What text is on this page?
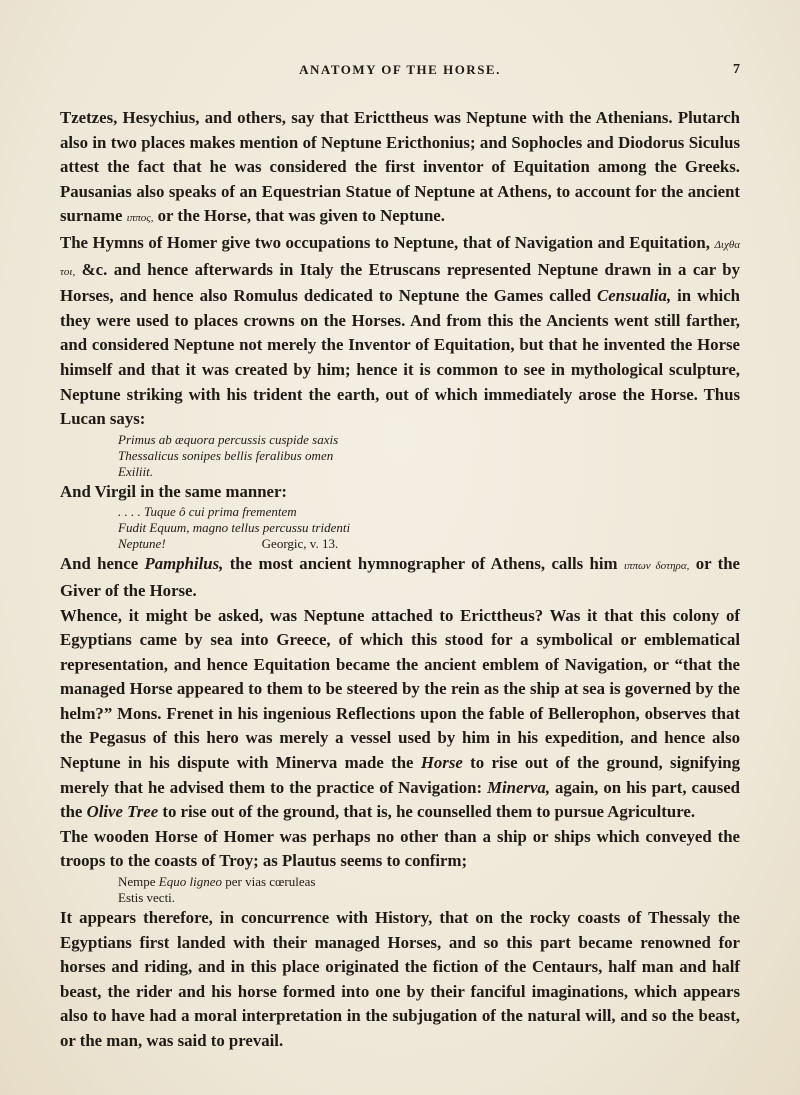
ANATOMY OF THE HORSE.	7

Tzetzes, Hesychius, and others, say that Ericttheus was Neptune with the Athenians. Plutarch also in two places makes mention of Neptune Ericthonius; and Sophocles and Diodorus Siculus attest the fact that he was considered the first inventor of Equitation among the Greeks. Pausanias also speaks of an Equestrian Statue of Neptune at Athens, to account for the ancient surname ιππος, or the Horse, that was given to Neptune.

The Hymns of Homer give two occupations to Neptune, that of Navigation and Equitation, Διχθα τοι, &c. and hence afterwards in Italy the Etruscans represented Neptune drawn in a car by Horses, and hence also Romulus dedicated to Neptune the Games called Censualia, in which they were used to places crowns on the Horses. And from this the Ancients went still farther, and considered Neptune not merely the Inventor of Equitation, but that he invented the Horse himself and that it was created by him; hence it is common to see in mythological sculpture, Neptune striking with his trident the earth, out of which immediately arose the Horse. Thus Lucan says:

Primus ab æquora percussis cuspide saxis
Thessalicus sonipes bellis feralibus omen
Exiliit.

And Virgil in the same manner:

. . . . Tuque ô cui prima frementem
Fudit Equum, magno tellus percussu tridenti
Neptune!	Georgic, v. 13.

And hence Pamphilus, the most ancient hymnographer of Athens, calls him ιππων δοτηρα, or the Giver of the Horse.

Whence, it might be asked, was Neptune attached to Ericttheus? Was it that this colony of Egyptians came by sea into Greece, of which this stood for a symbolical or emblematical representation, and hence Equitation became the ancient emblem of Navigation, or “that the managed Horse appeared to them to be steered by the rein as the ship at sea is governed by the helm?” Mons. Frenet in his ingenious Reflections upon the fable of Bellerophon, observes that the Pegasus of this hero was merely a vessel used by him in his expedition, and hence also Neptune in his dispute with Minerva made the Horse to rise out of the ground, signifying merely that he advised them to the practice of Navigation: Minerva, again, on his part, caused the Olive Tree to rise out of the ground, that is, he counselled them to pursue Agriculture.

The wooden Horse of Homer was perhaps no other than a ship or ships which conveyed the troops to the coasts of Troy; as Plautus seems to confirm;

Nempe Equo ligneo per vias cœruleas
Estis vecti.

It appears therefore, in concurrence with History, that on the rocky coasts of Thessaly the Egyptians first landed with their managed Horses, and so this part became renowned for horses and riding, and in this place originated the fiction of the Centaurs, half man and half beast, the rider and his horse formed into one by their fanciful imaginations, which appears also to have had a moral interpretation in the subjugation of the natural will, and so the beast, or the man, was said to prevail.
